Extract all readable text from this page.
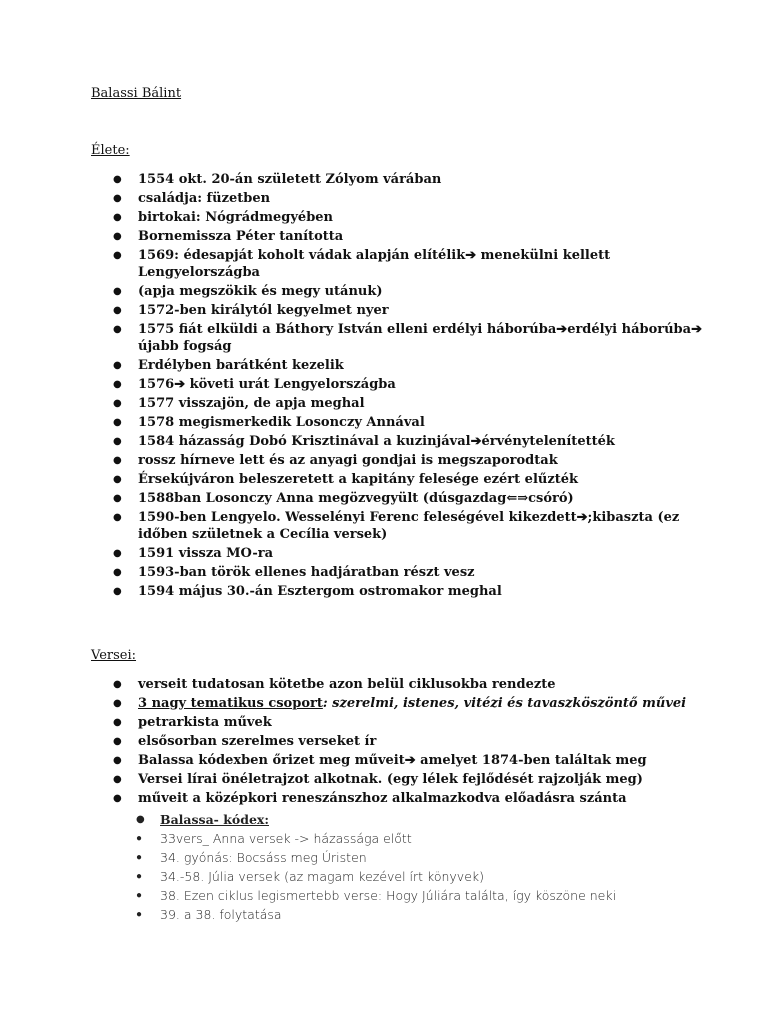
Balassi Bálint
Élete:
● 1554 okt. 20-án született Zólyom várában
● családja: füzetben
● birtokai: Nógrádmegyében
● Bornemissza Péter tanította
● 1569: édesapját koholt vádak alapján elítélik➔ menekülni kellett Lengyelországba
● (apja megszökik és megy utánuk)
● 1572-ben királytól kegyelmet nyer
● 1575 fiát elküldi a Báthory István elleni erdélyi háborúba➔erdélyi háborúba➔ újabb fogság
● Erdélyben barátként kezelik
● 1576➔ követi urát Lengyelországba
● 1577 visszajön, de apja meghal
● 1578 megismerkedik Losonczy Annával
● 1584 házasság Dobó Krisztinával a kuzinjával➔érvénytelenítették
● rossz hírneve lett és az anyagi gondjai is megszaporodtak
● Érsekújváron beleszeretett a kapitány felesége ezért elűzték
● 1588ban Losonczy Anna megözvegyült (dúsgazdag⇐⇒csóró)
● 1590-ben Lengyelo. Wesselényi Ferenc feleségével kikezdett➔;kibaszta (ez időben születnek a Cecília versek)
● 1591 vissza MO-ra
● 1593-ban török ellenes hadjáratban részt vesz
● 1594 május 30.-án Esztergom ostromakor meghal
Versei:
● verseit tudatosan kötetbe azon belül ciklusokba rendezte
● 3 nagy tematikus csoport: szerelmi, istenes, vitézi és tavaszköszöntő művei
● petrarkista művek
● elsősorban szerelmes verseket ír
● Balassa kódexben őrizet meg műveit➔ amelyet 1874-ben találtak meg
● Versei lírai önéletrajzot alkotnak. (egy lélek fejlődését rajzolják meg)
● műveit a középkori reneszánszhoz alkalmazkodva előadásra szánta
● Balassa- kódex:
● 33vers_ Anna versek -> házassága előtt
● 34. gyónás: Bocsáss meg Úristen
● 34.-58. Júlia versek (az magam kezével írt könyvek)
● 38. Ezen ciklus legismertebb verse: Hogy Júliára találta, így köszöne neki
● 39. a 38. folytatása
